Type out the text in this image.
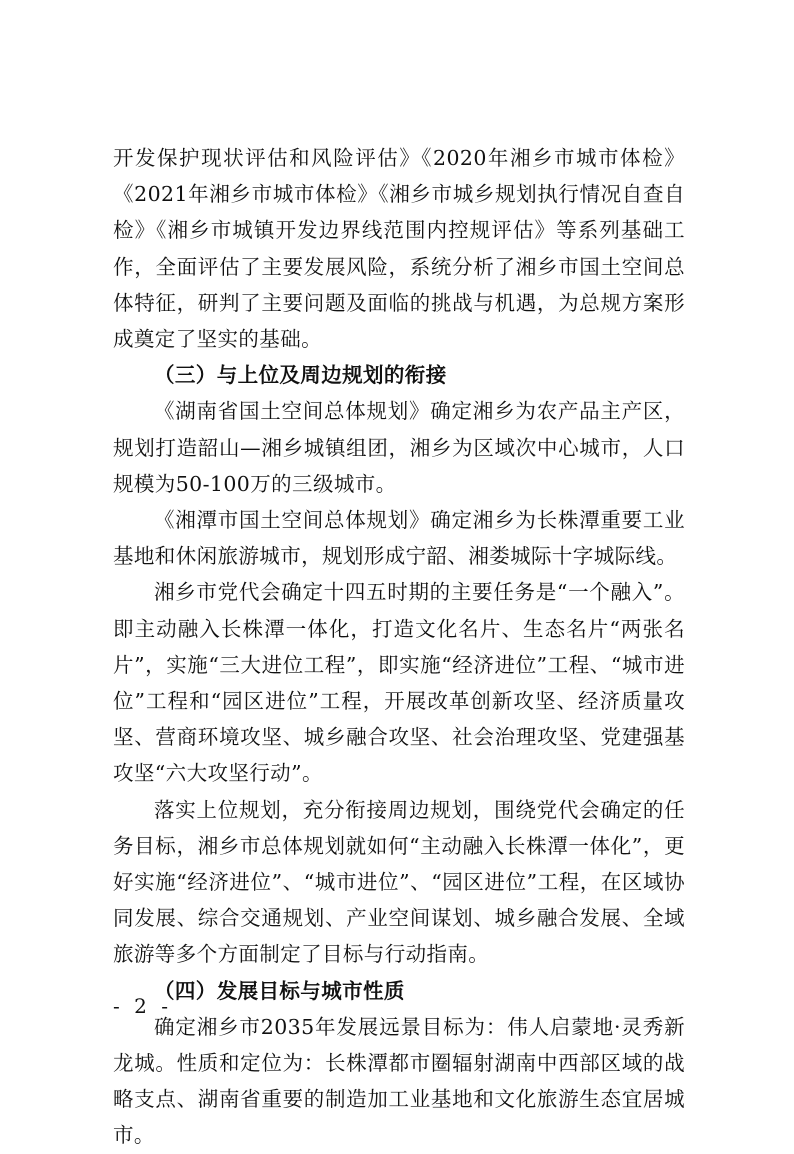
开发保护现状评估和风险评估》《2020年湘乡市城市体检》《2021年湘乡市城市体检》《湘乡市城乡规划执行情况自查自检》《湘乡市城镇开发边界线范围内控规评估》等系列基础工作，全面评估了主要发展风险，系统分析了湘乡市国土空间总体特征，研判了主要问题及面临的挑战与机遇，为总规方案形成奠定了坚实的基础。

（三）与上位及周边规划的衔接

《湖南省国土空间总体规划》确定湘乡为农产品主产区，规划打造韶山—湘乡城镇组团，湘乡为区域次中心城市，人口规模为50-100万的三级城市。

《湘潭市国土空间总体规划》确定湘乡为长株潭重要工业基地和休闲旅游城市，规划形成宁韶、湘娄城际十字城际线。

湘乡市党代会确定十四五时期的主要任务是“一个融入”。即主动融入长株潭一体化，打造文化名片、生态名片“两张名片”，实施“三大进位工程”，即实施“经济进位”工程、“城市进位”工程和“园区进位”工程，开展改革创新攻坚、经济质量攻坚、营商环境攻坚、城乡融合攻坚、社会治理攻坚、党建强基攻坚“六大攻坚行动”。

落实上位规划，充分衔接周边规划，围绕党代会确定的任务目标，湘乡市总体规划就如何“主动融入长株潭一体化”，更好实施“经济进位”、“城市进位”、“园区进位”工程，在区域协同发展、综合交通规划、产业空间谋划、城乡融合发展、全域旅游等多个方面制定了目标与行动指南。

（四）发展目标与城市性质

确定湘乡市2035年发展远景目标为：伟人启蒙地·灵秀新龙城。性质和定位为：长株潭都市圈辐射湖南中西部区域的战略支点、湖南省重要的制造加工业基地和文化旅游生态宜居城市。

- 2 -
